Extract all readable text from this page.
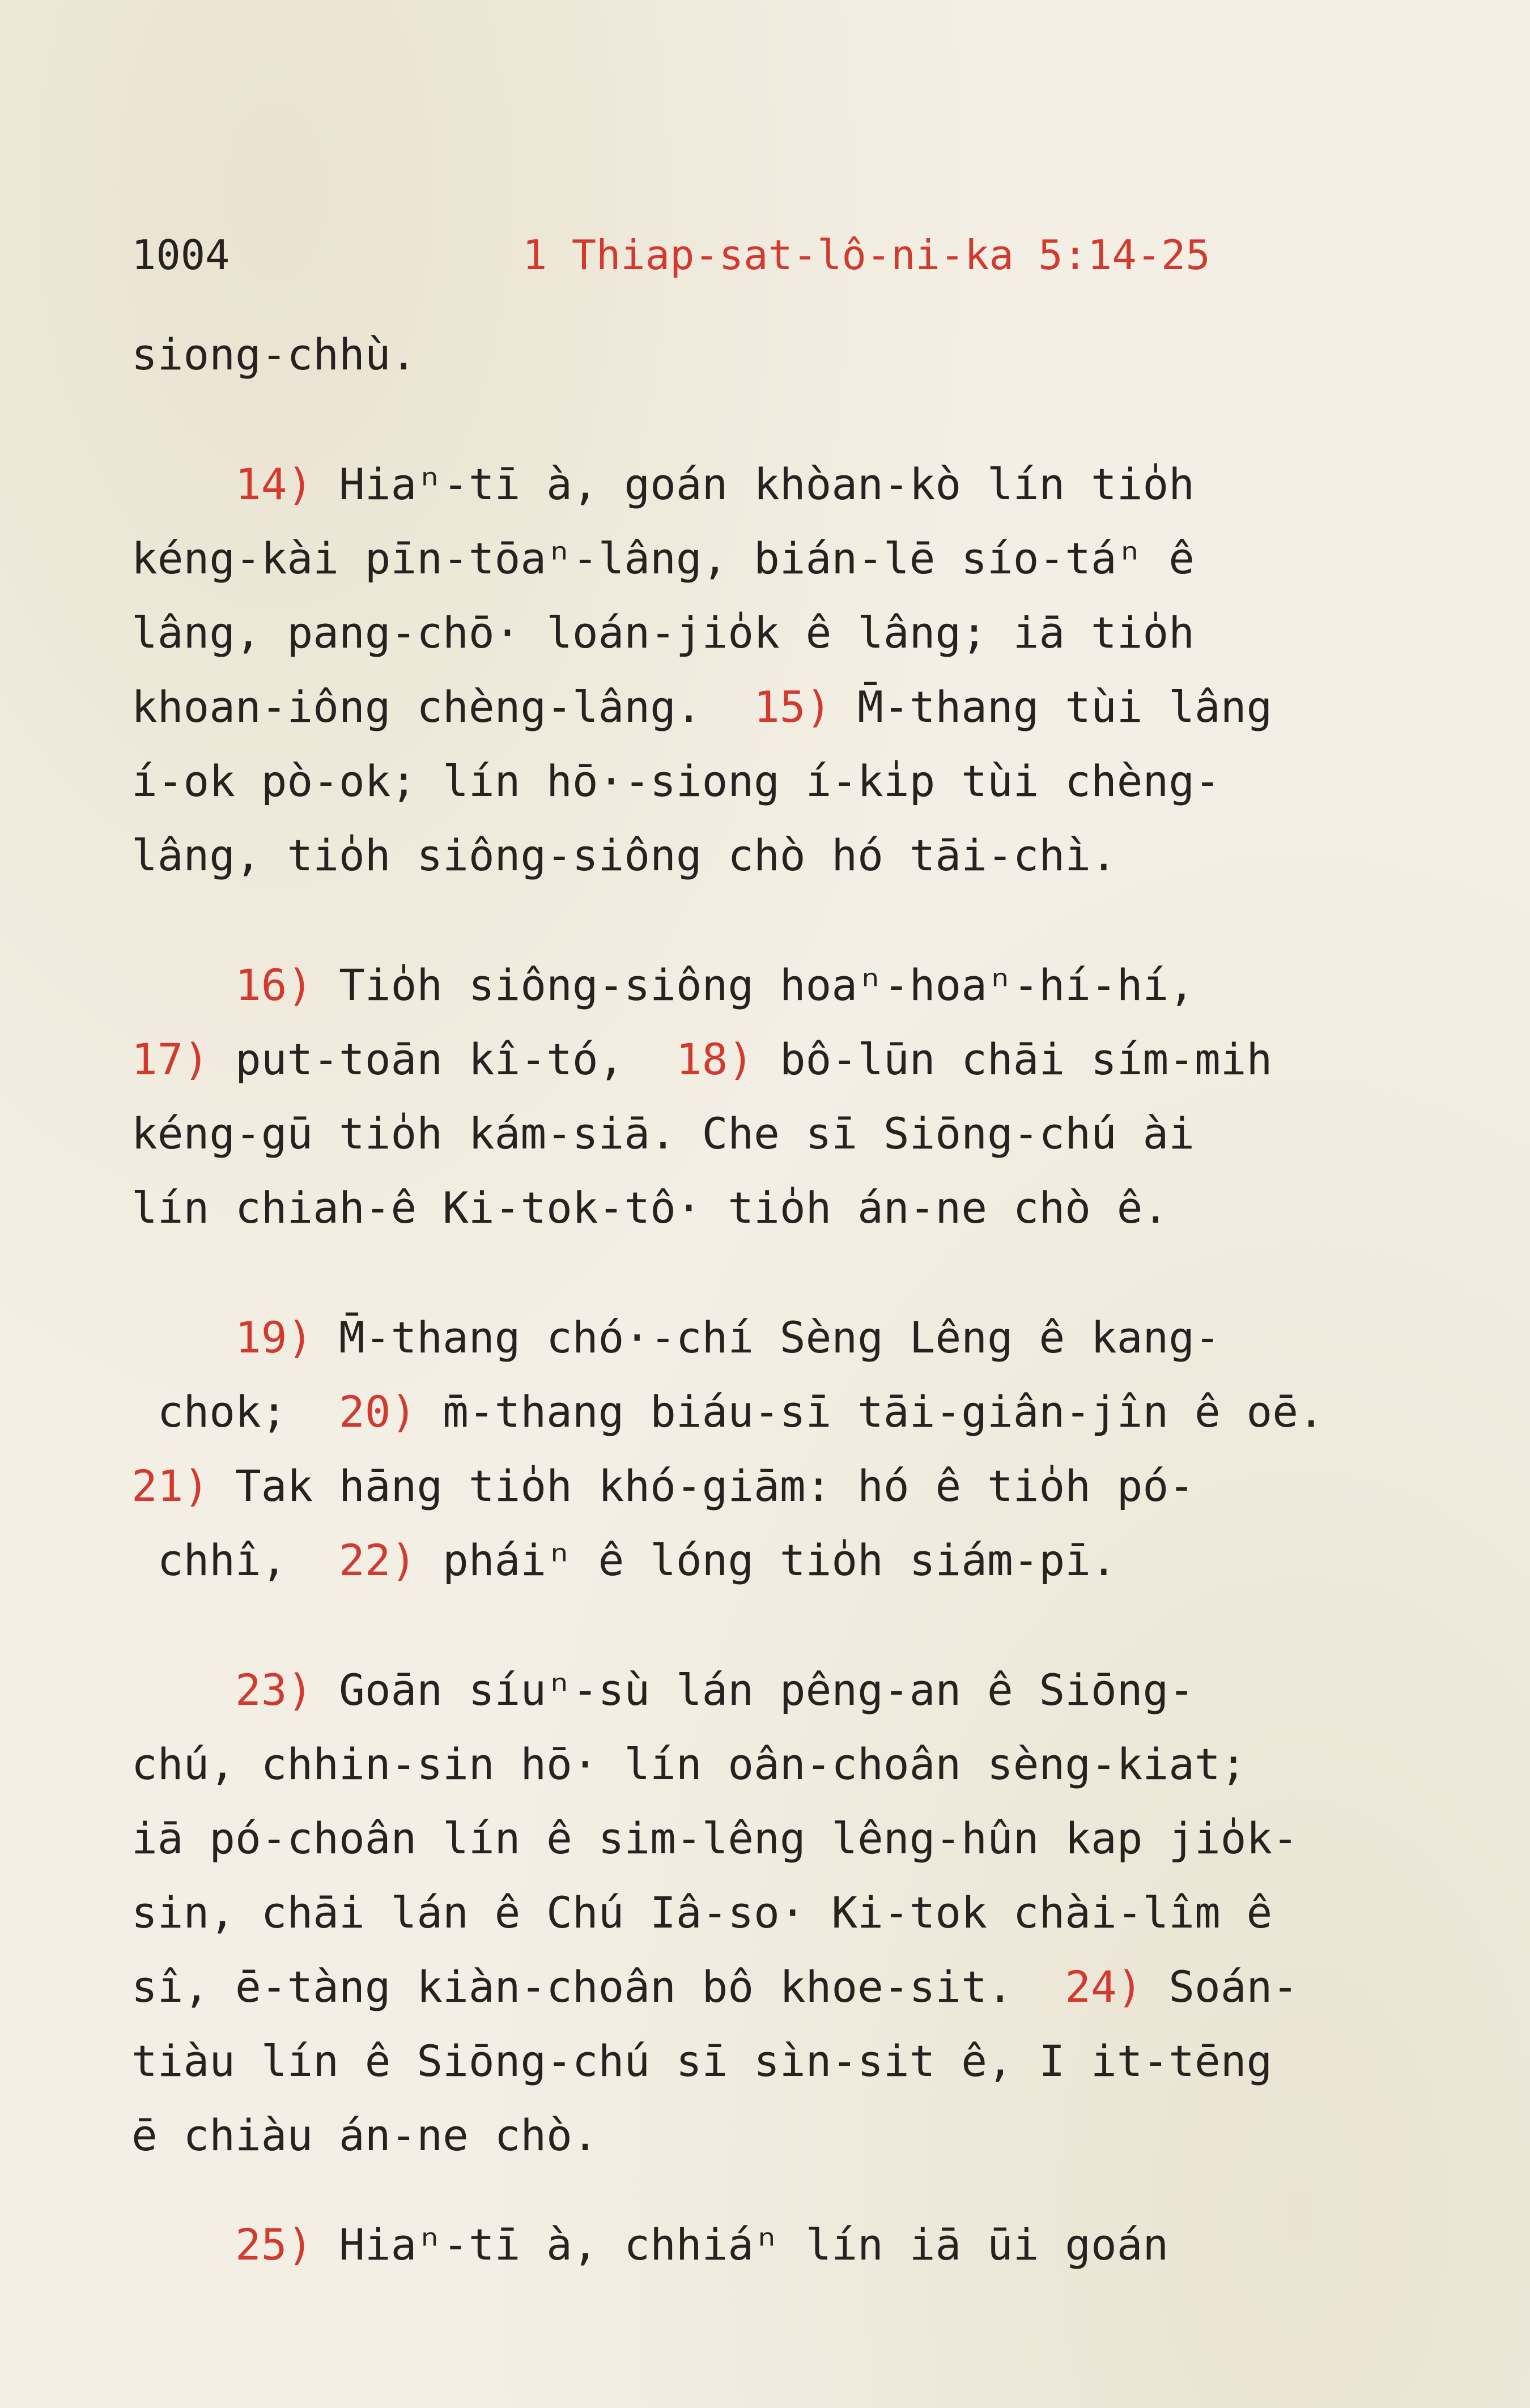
1004	1 Thiap-sat-lô-ni-ka 5:14-25
siong-chhù.
14) Hiaⁿ-tī à, goán khòan-kò lín tio̍h
kéng-kài pīn-tōaⁿ-lâng, bián-lē sío-táⁿ ê
lâng, pang-chō· loán-jio̍k ê lâng; iā tio̍h
khoan-iông chèng-lâng.  15) M̄-thang tùi lâng
í-ok pò-ok; lín hō·-siong í-ki̍p tùi chèng-
lâng, tio̍h siông-siông chò hó tāi-chì.
16) Tio̍h siông-siông hoaⁿ-hoaⁿ-hí-hí,
17) put-toān kî-tó,  18) bô-lūn chāi sím-mih
kéng-gū tio̍h kám-siā. Che sī Siōng-chú ài
lín chiah-ê Ki-tok-tô· tio̍h án-ne chò ê.
19) M̄-thang chó·-chí Sèng Lêng ê kang-
chok;  20) m̄-thang biáu-sī tāi-giân-jîn ê oē.
21) Tak hāng tio̍h khó-giām: hó ê tio̍h pó-
chhî,  22) pháiⁿ ê lóng tio̍h siám-pī.
23) Goān síuⁿ-sù lán pêng-an ê Siōng-
chú, chhin-sin hō· lín oân-choân sèng-kiat;
iā pó-choân lín ê sim-lêng lêng-hûn kap jio̍k-
sin, chāi lán ê Chú Iâ-so· Ki-tok chài-lîm ê
sî, ē-tàng kiàn-choân bô khoe-sit.  24) Soán-
tiàu lín ê Siōng-chú sī sìn-sit ê, I it-tēng
ē chiàu án-ne chò.
25) Hiaⁿ-tī à, chhiáⁿ lín iā ūi goán
